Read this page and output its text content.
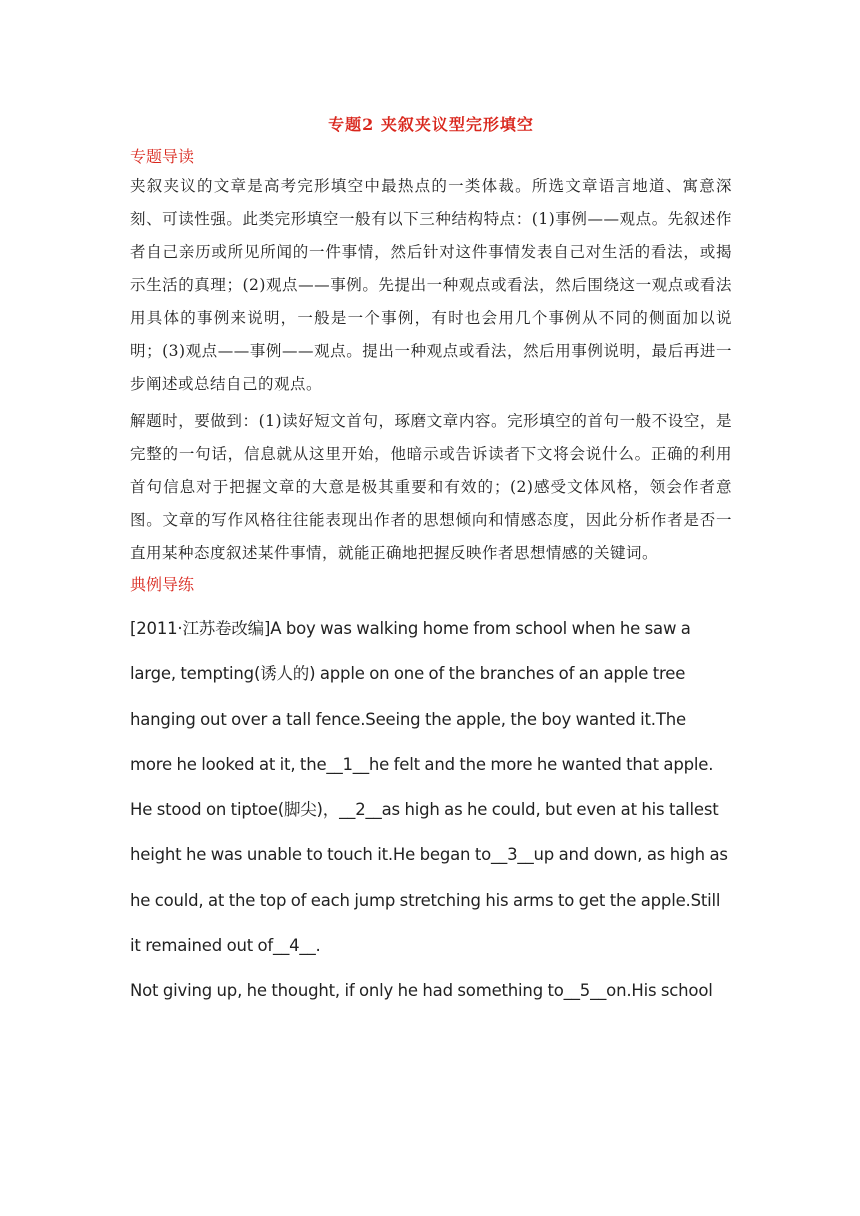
专题2 夹叙夹议型完形填空
专题导读

夹叙夹议的文章是高考完形填空中最热点的一类体裁。所选文章语言地道、寓意深刻、可读性强。此类完形填空一般有以下三种结构特点：(1)事例——观点。先叙述作者自己亲历或所见所闻的一件事情，然后针对这件事情发表自己对生活的看法，或揭示生活的真理；(2)观点——事例。先提出一种观点或看法，然后围绕这一观点或看法用具体的事例来说明，一般是一个事例，有时也会用几个事例从不同的侧面加以说明；(3)观点——事例——观点。提出一种观点或看法，然后用事例说明，最后再进一步阐述或总结自己的观点。

解题时，要做到：(1)读好短文首句，琢磨文章内容。完形填空的首句一般不设空，是完整的一句话，信息就从这里开始，他暗示或告诉读者下文将会说什么。正确的利用首句信息对于把握文章的大意是极其重要和有效的；(2)感受文体风格，领会作者意图。文章的写作风格往往能表现出作者的思想倾向和情感态度，因此分析作者是否一直用某种态度叙述某件事情，就能正确地把握反映作者思想情感的关键词。

典例导练

[2011·江苏卷改编]A boy was walking home from school when he saw a large, tempting(诱人的) apple on one of the branches of an apple tree hanging out over a tall fence.Seeing the apple, the boy wanted it.The more he looked at it, the__1__he felt and the more he wanted that apple.

He stood on tiptoe(脚尖)，__2__as high as he could, but even at his tallest height he was unable to touch it.He began to__3__up and down, as high as he could, at the top of each jump stretching his arms to get the apple.Still it remained out of__4__.

Not giving up, he thought, if only he had something to__5__on.His school
